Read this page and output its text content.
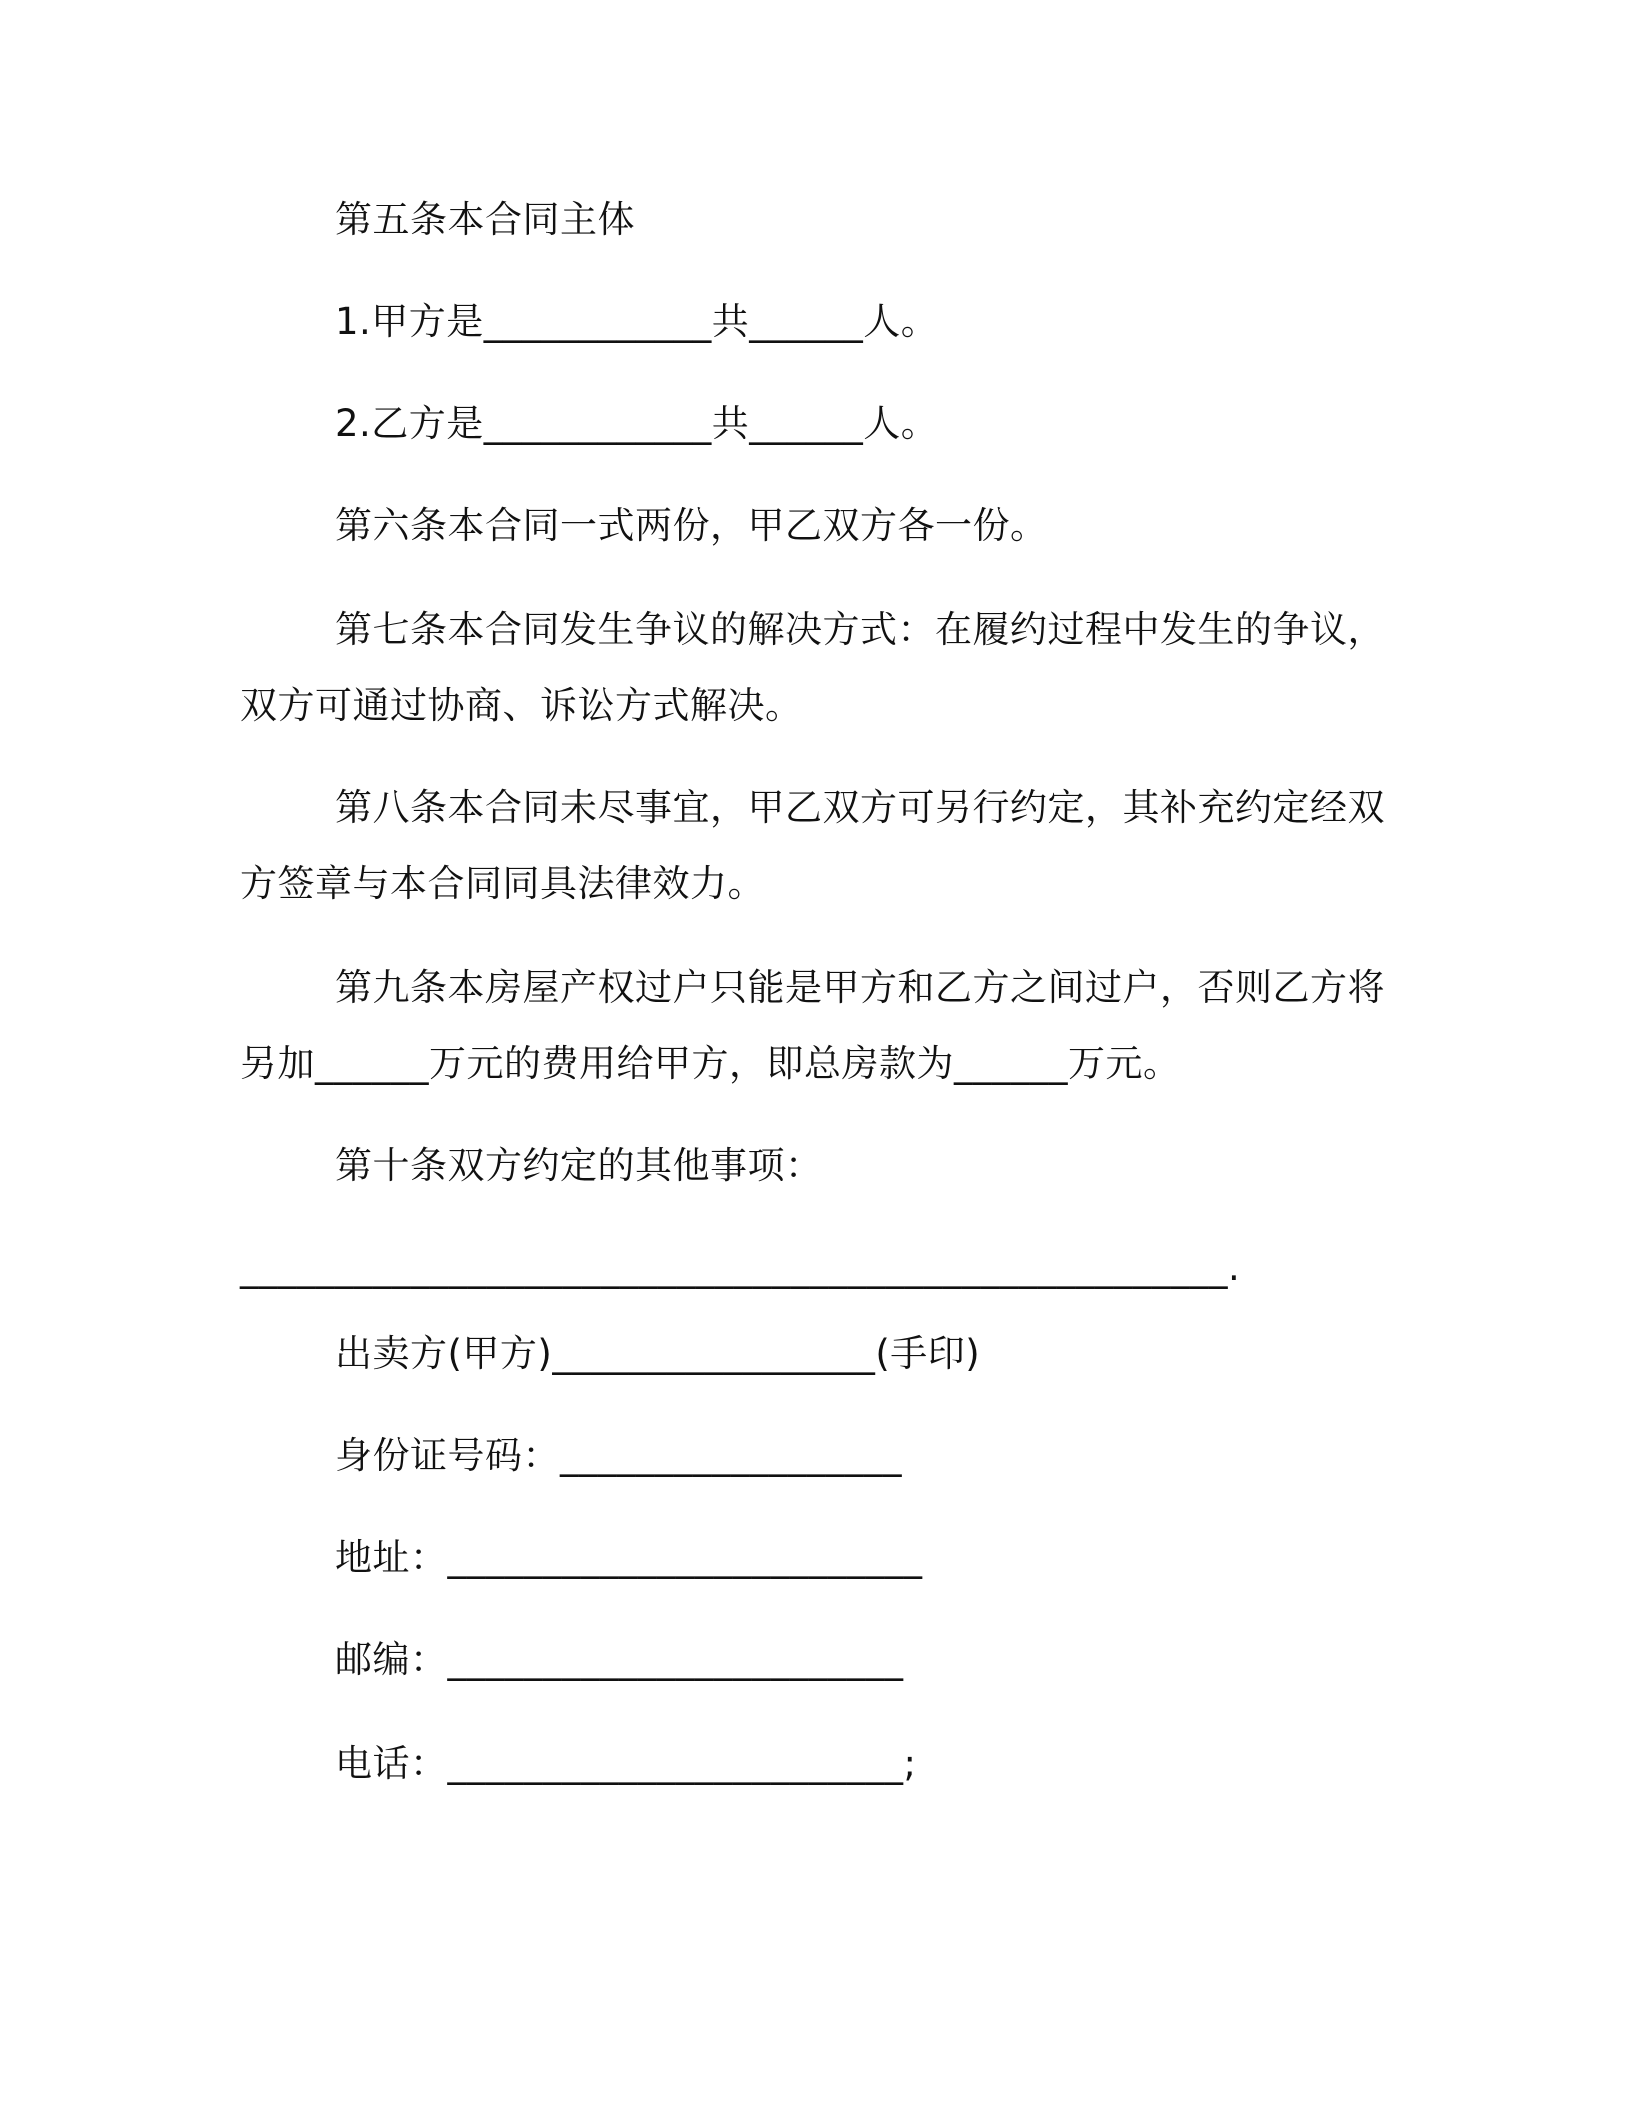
第五条本合同主体
1.甲方是____________共______人。
2.乙方是____________共______人。
第六条本合同一式两份，甲乙双方各一份。
第七条本合同发生争议的解决方式：在履约过程中发生的争议，
双方可通过协商、诉讼方式解决。
第八条本合同未尽事宜，甲乙双方可另行约定，其补充约定经双
方签章与本合同同具法律效力。
第九条本房屋产权过户只能是甲方和乙方之间过户，否则乙方将
另加______万元的费用给甲方，即总房款为______万元。
第十条双方约定的其他事项：
____________________________________________________.
出卖方(甲方)_________________(手印)
身份证号码：__________________
地址：_________________________
邮编：________________________
电话：________________________;
